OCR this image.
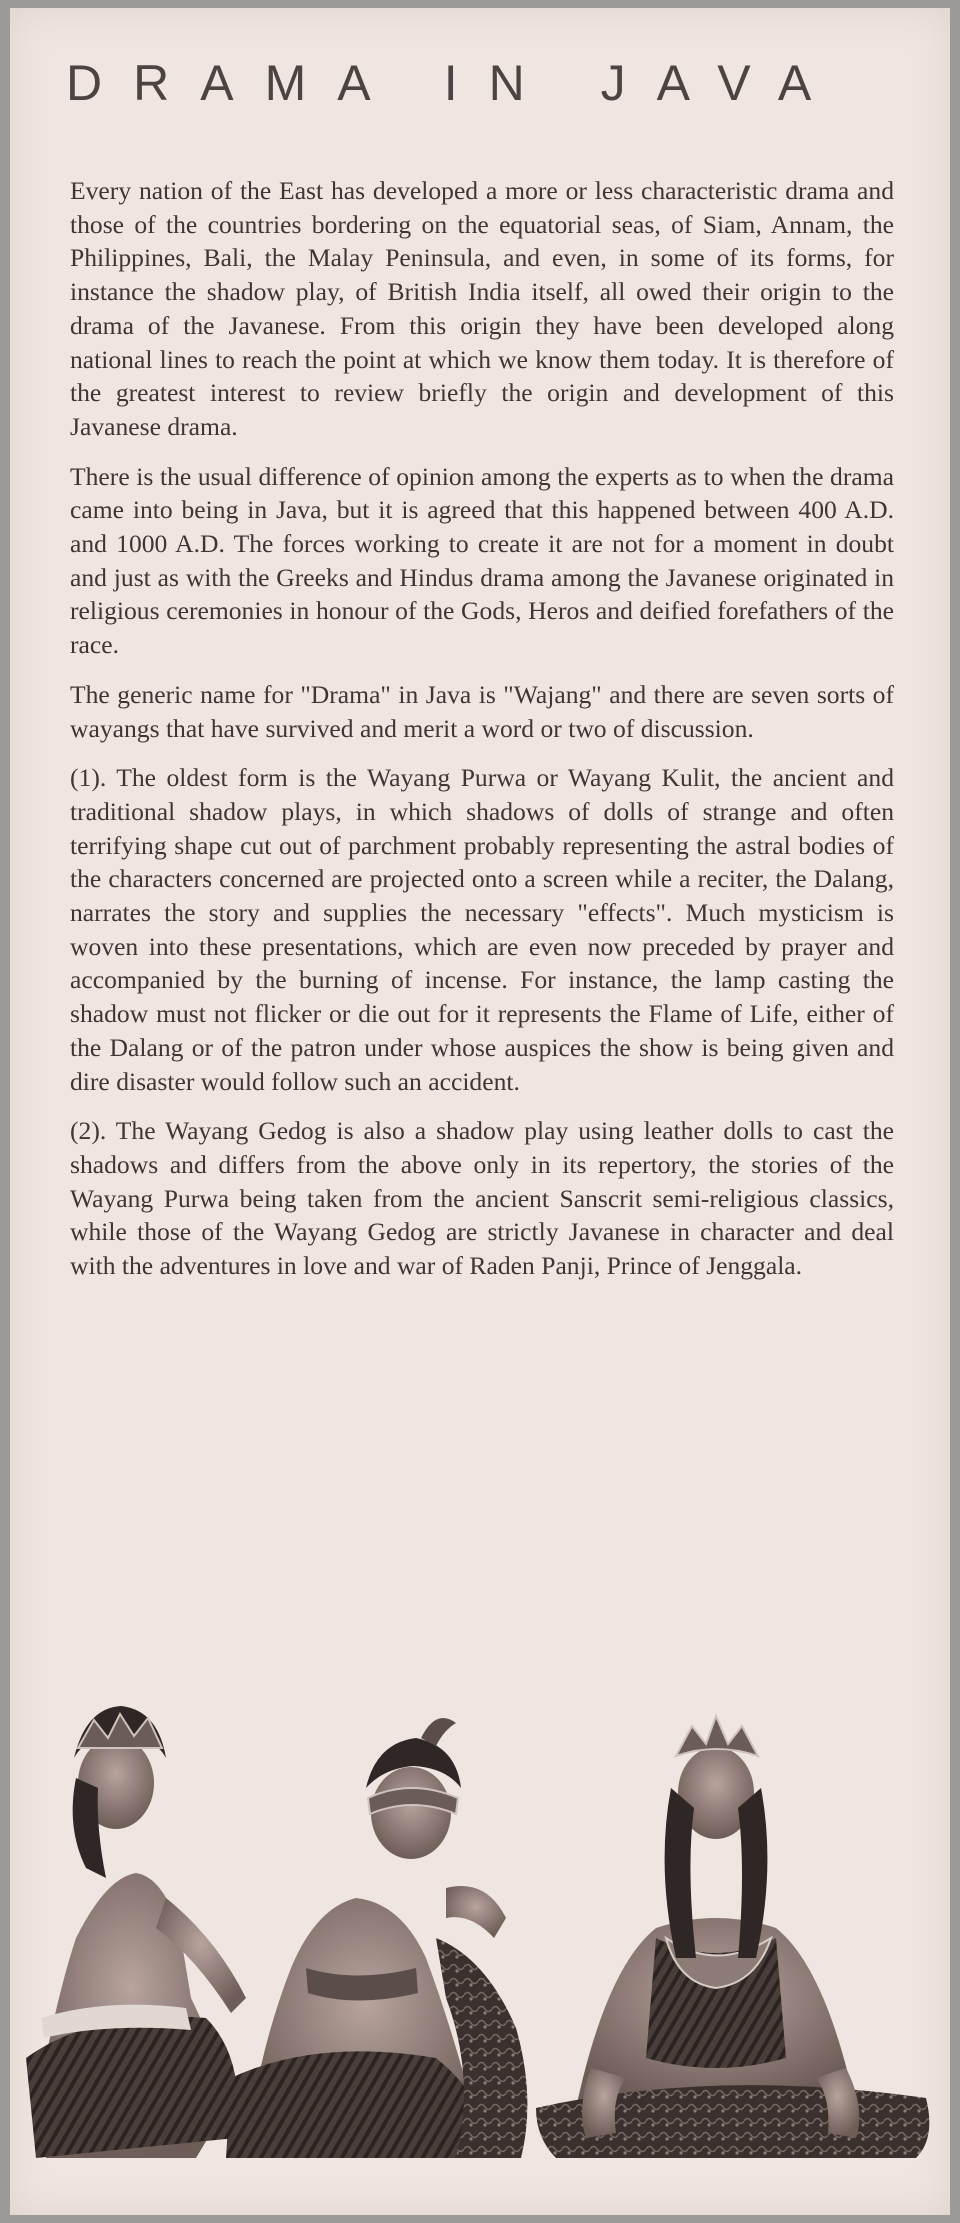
DRAMA IN JAVA

Every nation of the East has developed a more or less characteristic drama and those of the countries bordering on the equatorial seas, of Siam, Annam, the Philippines, Bali, the Malay Peninsula, and even, in some of its forms, for instance the shadow play, of British India itself, all owed their origin to the drama of the Javanese. From this origin they have been developed along national lines to reach the point at which we know them today. It is therefore of the greatest interest to review briefly the origin and development of this Javanese drama.

There is the usual difference of opinion among the experts as to when the drama came into being in Java, but it is agreed that this happened between 400 A.D. and 1000 A.D. The forces working to create it are not for a moment in doubt and just as with the Greeks and Hindus drama among the Javanese originated in religious ceremonies in honour of the Gods, Heros and deified forefathers of the race.

The generic name for "Drama" in Java is "Wajang" and there are seven sorts of wayangs that have survived and merit a word or two of discussion.

(1). The oldest form is the Wayang Purwa or Wayang Kulit, the ancient and traditional shadow plays, in which shadows of dolls of strange and often terrifying shape cut out of parchment probably representing the astral bodies of the characters concerned are projected onto a screen while a reciter, the Dalang, narrates the story and supplies the necessary "effects". Much mysticism is woven into these presentations, which are even now preceded by prayer and accompanied by the burning of incense. For instance, the lamp casting the shadow must not flicker or die out for it represents the Flame of Life, either of the Dalang or of the patron under whose auspices the show is being given and dire disaster would follow such an accident.

(2). The Wayang Gedog is also a shadow play using leather dolls to cast the shadows and differs from the above only in its repertory, the stories of the Wayang Purwa being taken from the ancient Sanscrit semi-religious classics, while those of the Wayang Gedog are strictly Javanese in character and deal with the adventures in love and war of Raden Panji, Prince of Jenggala.
